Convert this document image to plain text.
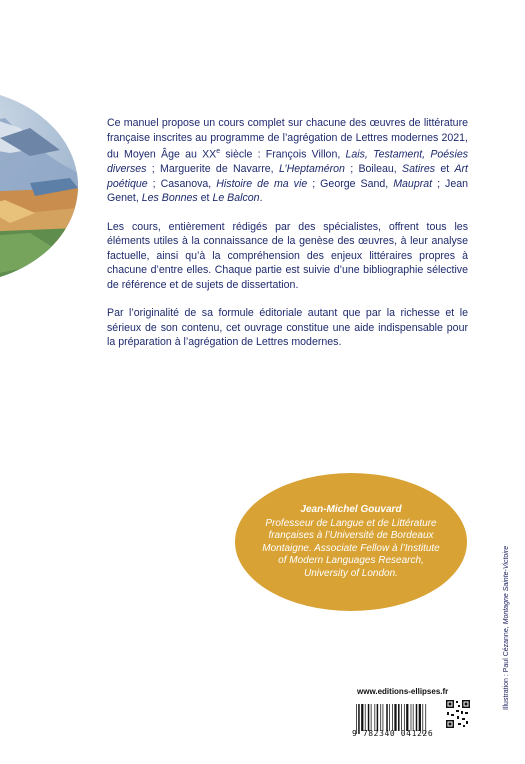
Ce manuel propose un cours complet sur chacune des œuvres de littérature française inscrites au programme de l’agrégation de Lettres modernes 2021, du Moyen Âge au XXe siècle : François Villon, Lais, Testament, Poésies diverses ; Marguerite de Navarre, L’Heptaméron ; Boileau, Satires et Art poétique ; Casanova, Histoire de ma vie ; George Sand, Mauprat ; Jean Genet, Les Bonnes et Le Balcon.

Les cours, entièrement rédigés par des spécialistes, offrent tous les éléments utiles à la connaissance de la genèse des œuvres, à leur analyse factuelle, ainsi qu’à la compréhension des enjeux littéraires propres à chacune d’entre elles. Chaque partie est suivie d’une bibliographie sélective de référence et de sujets de dissertation.

Par l’originalité de sa formule éditoriale autant que par la richesse et le sérieux de son contenu, cet ouvrage constitue une aide indispensable pour la préparation à l’agrégation de Lettres modernes.

Jean-Michel Gouvard
Professeur de Langue et de Littérature françaises à l’Université de Bordeaux Montaigne. Associate Fellow à l’Institute of Modern Languages Research, University of London.
Illustration : Paul Cézanne, Montagne Sainte-Victoire
www.editions-ellipses.fr
9 782340 041226
